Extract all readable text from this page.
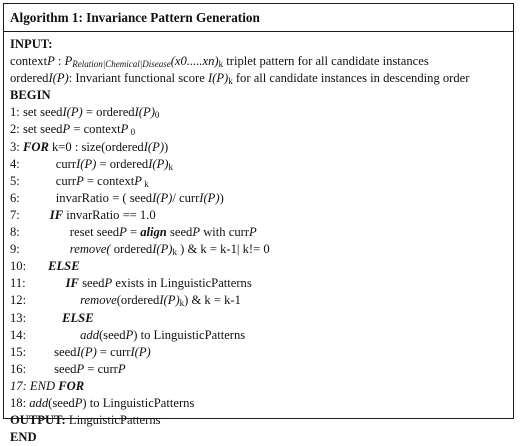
Algorithm 1: Invariance Pattern Generation
INPUT:
contextP : $PRelation|Chemical|Disease(x0.....xn)_k$ triplet pattern for all candidate instances
orderedI(P): Invariant functional score $I(P)_k$ for all candidate instances in descending order
BEGIN
1: set seedI(P) = $orderedI(P)_0$
2: set seedP = contextP $_0$
3: FOR k=0 : size(orderedI(P))
4:	currI(P) = $orderedI(P)_k$
5:	currP = contextP $_k$
6:	invarRatio = ( seedI(P)/ currI(P))
7: IF invarRatio == 1.0
8:	reset seedP = align seedP with currP
9:	remove( $orderedI(P)_k$ ) & k = k-1| k!= 0
10: ELSE
11:	IF seedP exists in LinguisticPatterns
12:	$remove(orderedI(P)_k)$ & k = k-1
13:	ELSE
14:	add(seedP) to LinguisticPatterns
15: seedI(P) = currI(P)
16: seedP = currP
17: END FOR
18: add(seedP) to LinguisticPatterns
OUTPUT: LinguisticPatterns
END
